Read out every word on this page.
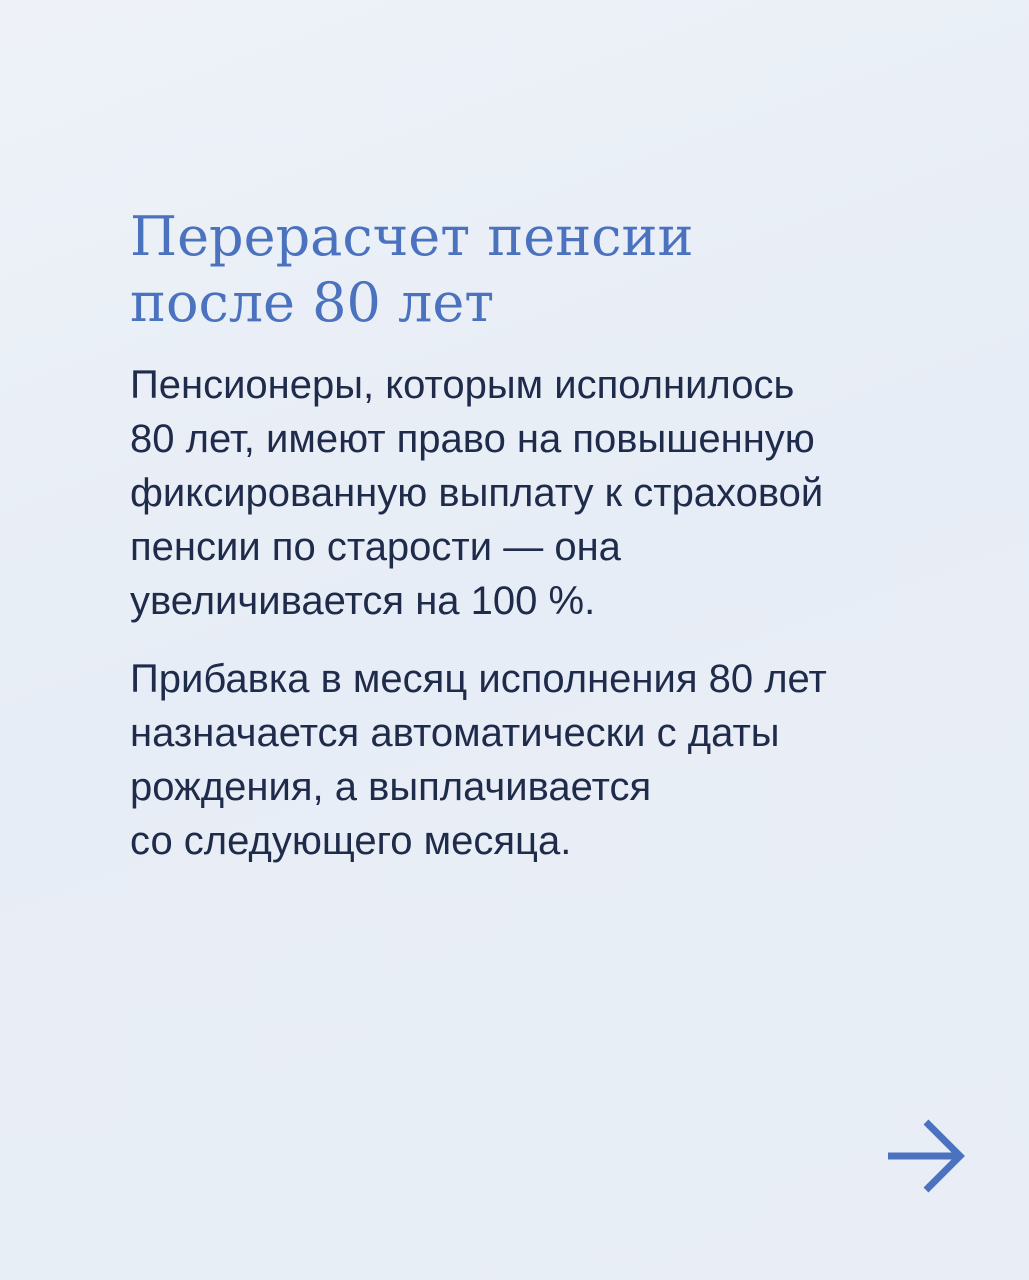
Перерасчет пенсии
после 80 лет

Пенсионеры, которым исполнилось
80 лет, имеют право на повышенную
фиксированную выплату к страховой
пенсии по старости — она
увеличивается на 100 %.

Прибавка в месяц исполнения 80 лет
назначается автоматически с даты
рождения, а выплачивается
со следующего месяца.
